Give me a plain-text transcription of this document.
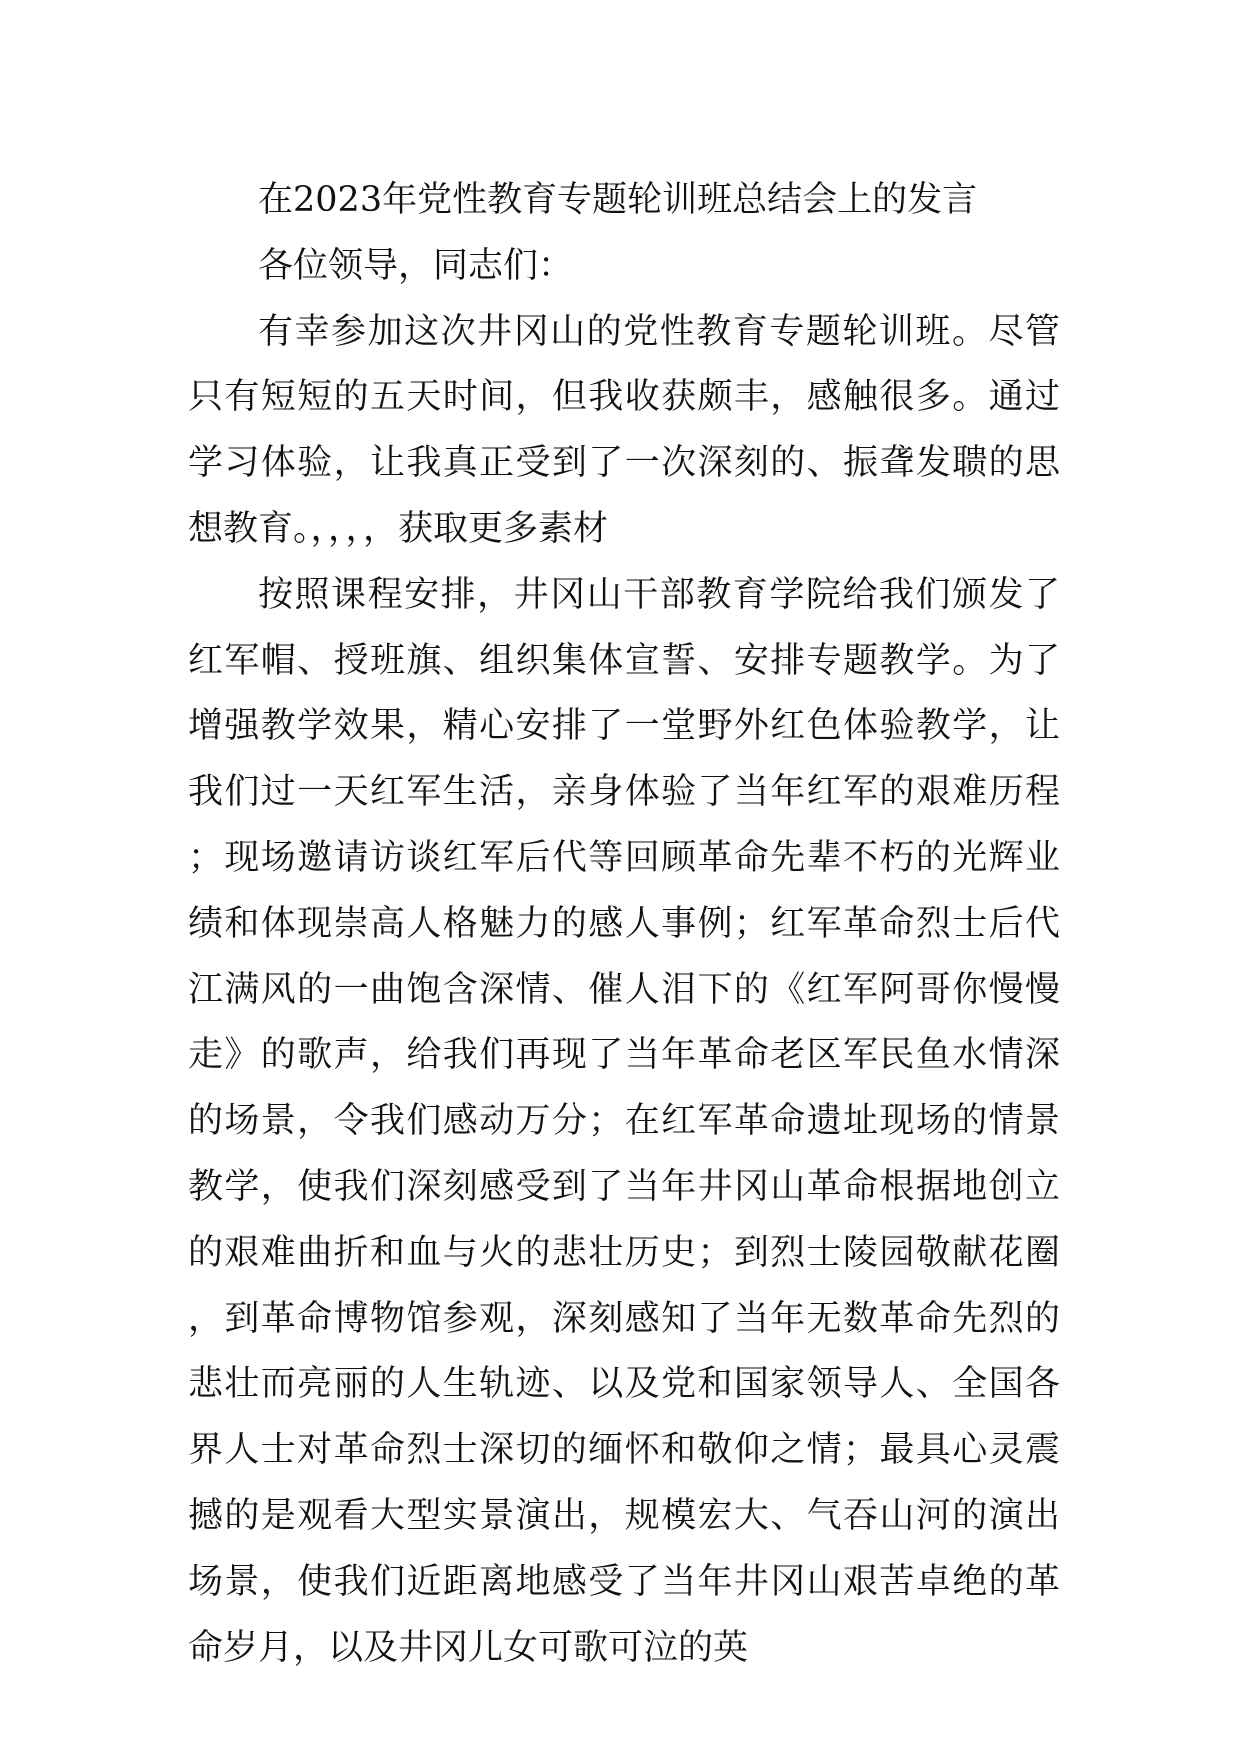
在2023年党性教育专题轮训班总结会上的发言

各位领导，同志们：

有幸参加这次井冈山的党性教育专题轮训班。尽管只有短短的五天时间，但我收获颇丰，感触很多。通过学习体验，让我真正受到了一次深刻的、振聋发聩的思想教育。，，，，获取更多素材

按照课程安排，井冈山干部教育学院给我们颁发了红军帽、授班旗、组织集体宣誓、安排专题教学。为了增强教学效果，精心安排了一堂野外红色体验教学，让我们过一天红军生活，亲身体验了当年红军的艰难历程；现场邀请访谈红军后代等回顾革命先辈不朽的光辉业绩和体现崇高人格魅力的感人事例；红军革命烈士后代江满风的一曲饱含深情、催人泪下的《红军阿哥你慢慢走》的歌声，给我们再现了当年革命老区军民鱼水情深的场景，令我们感动万分；在红军革命遗址现场的情景教学，使我们深刻感受到了当年井冈山革命根据地创立的艰难曲折和血与火的悲壮历史；到烈士陵园敬献花圈，到革命博物馆参观，深刻感知了当年无数革命先烈的悲壮而亮丽的人生轨迹、以及党和国家领导人、全国各界人士对革命烈士深切的缅怀和敬仰之情；最具心灵震撼的是观看大型实景演出，规模宏大、气吞山河的演出场景，使我们近距离地感受了当年井冈山艰苦卓绝的革命岁月，以及井冈儿女可歌可泣的英
